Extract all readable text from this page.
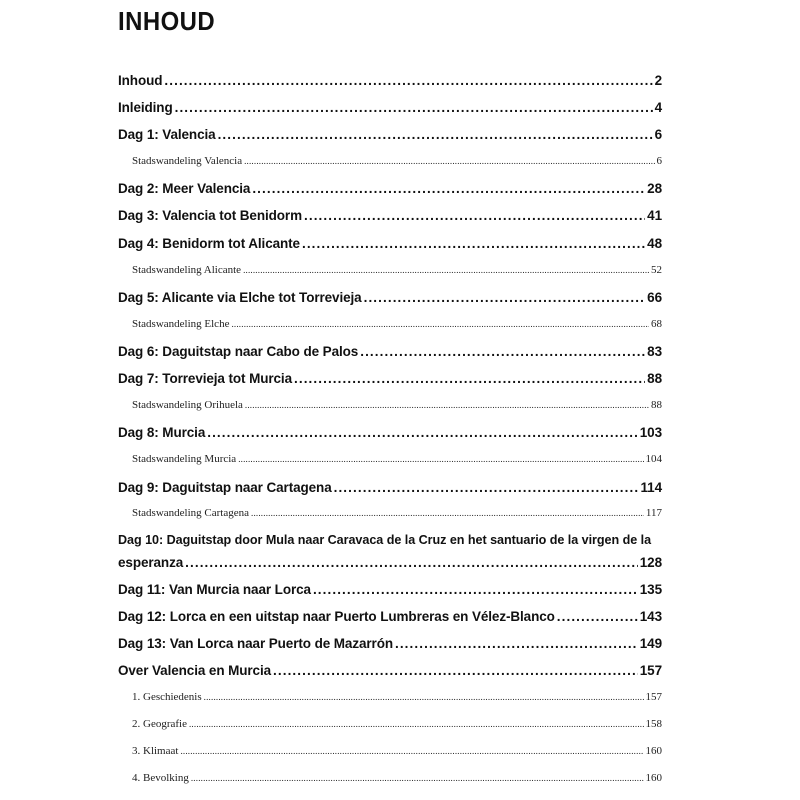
INHOUD
Inhoud .....	2
Inleiding .....	4
Dag 1: Valencia .....	6
Stadswandeling Valencia .....	6
Dag 2: Meer Valencia .....	28
Dag 3: Valencia tot Benidorm .....	41
Dag 4: Benidorm tot Alicante .....	48
Stadswandeling Alicante .....	52
Dag 5: Alicante via Elche tot Torrevieja .....	66
Stadswandeling Elche .....	68
Dag 6: Daguitstap naar Cabo de Palos .....	83
Dag 7: Torrevieja tot Murcia .....	88
Stadswandeling Orihuela .....	88
Dag 8: Murcia .....	103
Stadswandeling Murcia .....	104
Dag 9: Daguitstap naar Cartagena .....	114
Stadswandeling Cartagena .....	117
Dag 10: Daguitstap door Mula naar Caravaca de la Cruz en het santuario de la virgen de la
esperanza .....	128
Dag 11: Van Murcia naar Lorca .....	135
Dag 12: Lorca en een uitstap naar Puerto Lumbreras en Vélez-Blanco .....	143
Dag 13: Van Lorca naar Puerto de Mazarrón .....	149
Over Valencia en Murcia .....	157
1. Geschiedenis .....	157
2. Geografie .....	158
3. Klimaat .....	160
4. Bevolking .....	160
